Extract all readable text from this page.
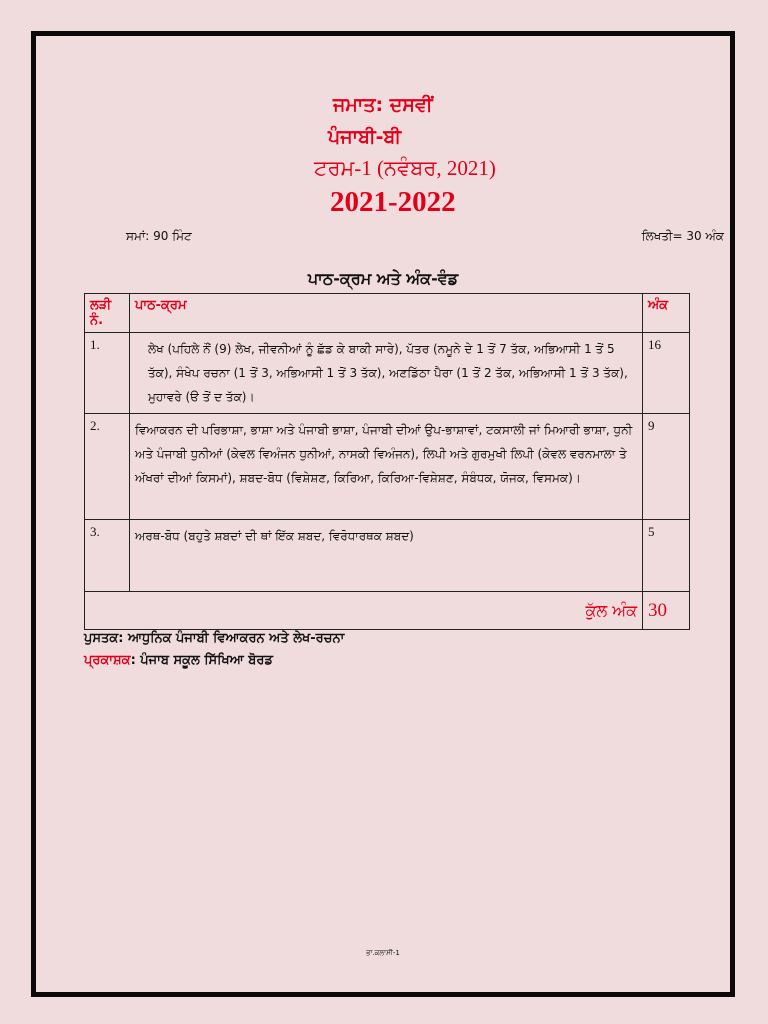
ਜਮਾਤ: ਦਸਵੀਂ
ਪੰਜਾਬੀ-ਬੀ
ਟਰਮ-1 (ਨਵੰਬਰ, 2021)
2021-2022
ਸਮਾਂ: 90 ਮਿੰਟ	ਲਿਖਤੀ= 30 ਅੰਕ
ਪਾਠ-ਕ੍ਰਮ ਅਤੇ ਅੰਕ-ਵੰਡ
ਲੜੀ ਨੰ.	ਪਾਠ-ਕ੍ਰਮ	ਅੰਕ
1.	ਲੇਖ (ਪਹਿਲੇ ਨੌਂ (9) ਲੇਖ, ਜੀਵਨੀਆਂ ਨੂੰ ਛੱਡ ਕੇ ਬਾਕੀ ਸਾਰੇ), ਪੱਤਰ (ਨਮੂਨੇ ਦੇ 1 ਤੋਂ 7 ਤੱਕ, ਅਭਿਆਸੀ 1 ਤੋਂ 5 ਤੱਕ), ਸੰਖੇਪ ਰਚਨਾ (1 ਤੋਂ 3, ਅਭਿਆਸੀ 1 ਤੋਂ 3 ਤੱਕ), ਅਣਡਿੱਠਾ ਪੈਰਾ (1 ਤੋਂ 2 ਤੱਕ, ਅਭਿਆਸੀ 1 ਤੋਂ 3 ਤੱਕ), ਮੁਹਾਵਰੇ (ੳ ਤੋਂ ਦ ਤੱਕ)।	16
2.	ਵਿਆਕਰਨ ਦੀ ਪਰਿਭਾਸ਼ਾ, ਭਾਸ਼ਾ ਅਤੇ ਪੰਜਾਬੀ ਭਾਸ਼ਾ, ਪੰਜਾਬੀ ਦੀਆਂ ਉਪ-ਭਾਸ਼ਾਵਾਂ, ਟਕਸਾਲੀ ਜਾਂ ਮਿਆਰੀ ਭਾਸ਼ਾ, ਧੁਨੀ ਅਤੇ ਪੰਜਾਬੀ ਧੁਨੀਆਂ (ਕੇਵਲ ਵਿਅੰਜਨ ਧੁਨੀਆਂ, ਨਾਸਕੀ ਵਿਅੰਜਨ), ਲਿਪੀ ਅਤੇ ਗੁਰਮੁਖੀ ਲਿਪੀ (ਕੇਵਲ ਵਰਨਮਾਲਾ ਤੇ ਅੱਖਰਾਂ ਦੀਆਂ ਕਿਸਮਾਂ), ਸ਼ਬਦ-ਬੋਧ (ਵਿਸ਼ੇਸ਼ਣ, ਕਿਰਿਆ, ਕਿਰਿਆ-ਵਿਸ਼ੇਸ਼ਣ, ਸੰਬੰਧਕ, ਯੋਜਕ, ਵਿਸਮਕ)।	9
3.	ਅਰਥ-ਬੋਧ (ਬਹੁਤੇ ਸ਼ਬਦਾਂ ਦੀ ਥਾਂ ਇੱਕ ਸ਼ਬਦ, ਵਿਰੋਧਾਰਥਕ ਸ਼ਬਦ)	5
ਕੁੱਲ ਅੰਕ		30
ਪੁਸਤਕ: ਆਧੁਨਿਕ ਪੰਜਾਬੀ ਵਿਆਕਰਨ ਅਤੇ ਲੇਖ-ਰਚਨਾ
ਪ੍ਰਕਾਸ਼ਕ: ਪੰਜਾਬ ਸਕੂਲ ਸਿੱਖਿਆ ਬੋਰਡ
ਭਾ.ਕਲਾਸੀ-1
